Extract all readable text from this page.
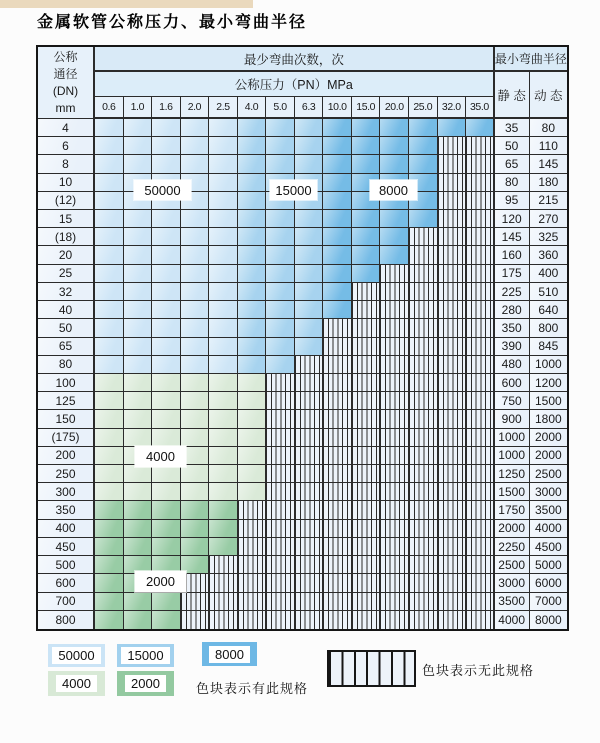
金属软管公称压力、最小弯曲半径
公称
通径
(DN)
mm
最少弯曲次数，次	最小弯曲半径
公称压力（PN）MPa
静 态 动 态
0.6	1.0	1.6	2.0	2.5	4.0	5.0	6.3	10.0 15.0 20.0 25.0 32.0 35.0
4	35	80
6	50	110
8	65	145
10	80	180
(12)	95	215
15	120	270
(18)	145	325
20	160	360
25	175	400
32	225	510
40	280	640
50	350	800
65	390	845
80	480	1000
100	600	1200
125	750	1500
150	900	1800
(175)	1000 2000
200	1000 2000
250	1250 2500
300	1500 3000
350	1750 3500
400	2000 4000
450	2250 4500
500	2500 5000
600	3000 6000
700	3500 7000
800	4000 8000
50000	15000	8000
4000
2000
50000	15000	8000
4000	2000	色块表示有此规格
色块表示无此规格
